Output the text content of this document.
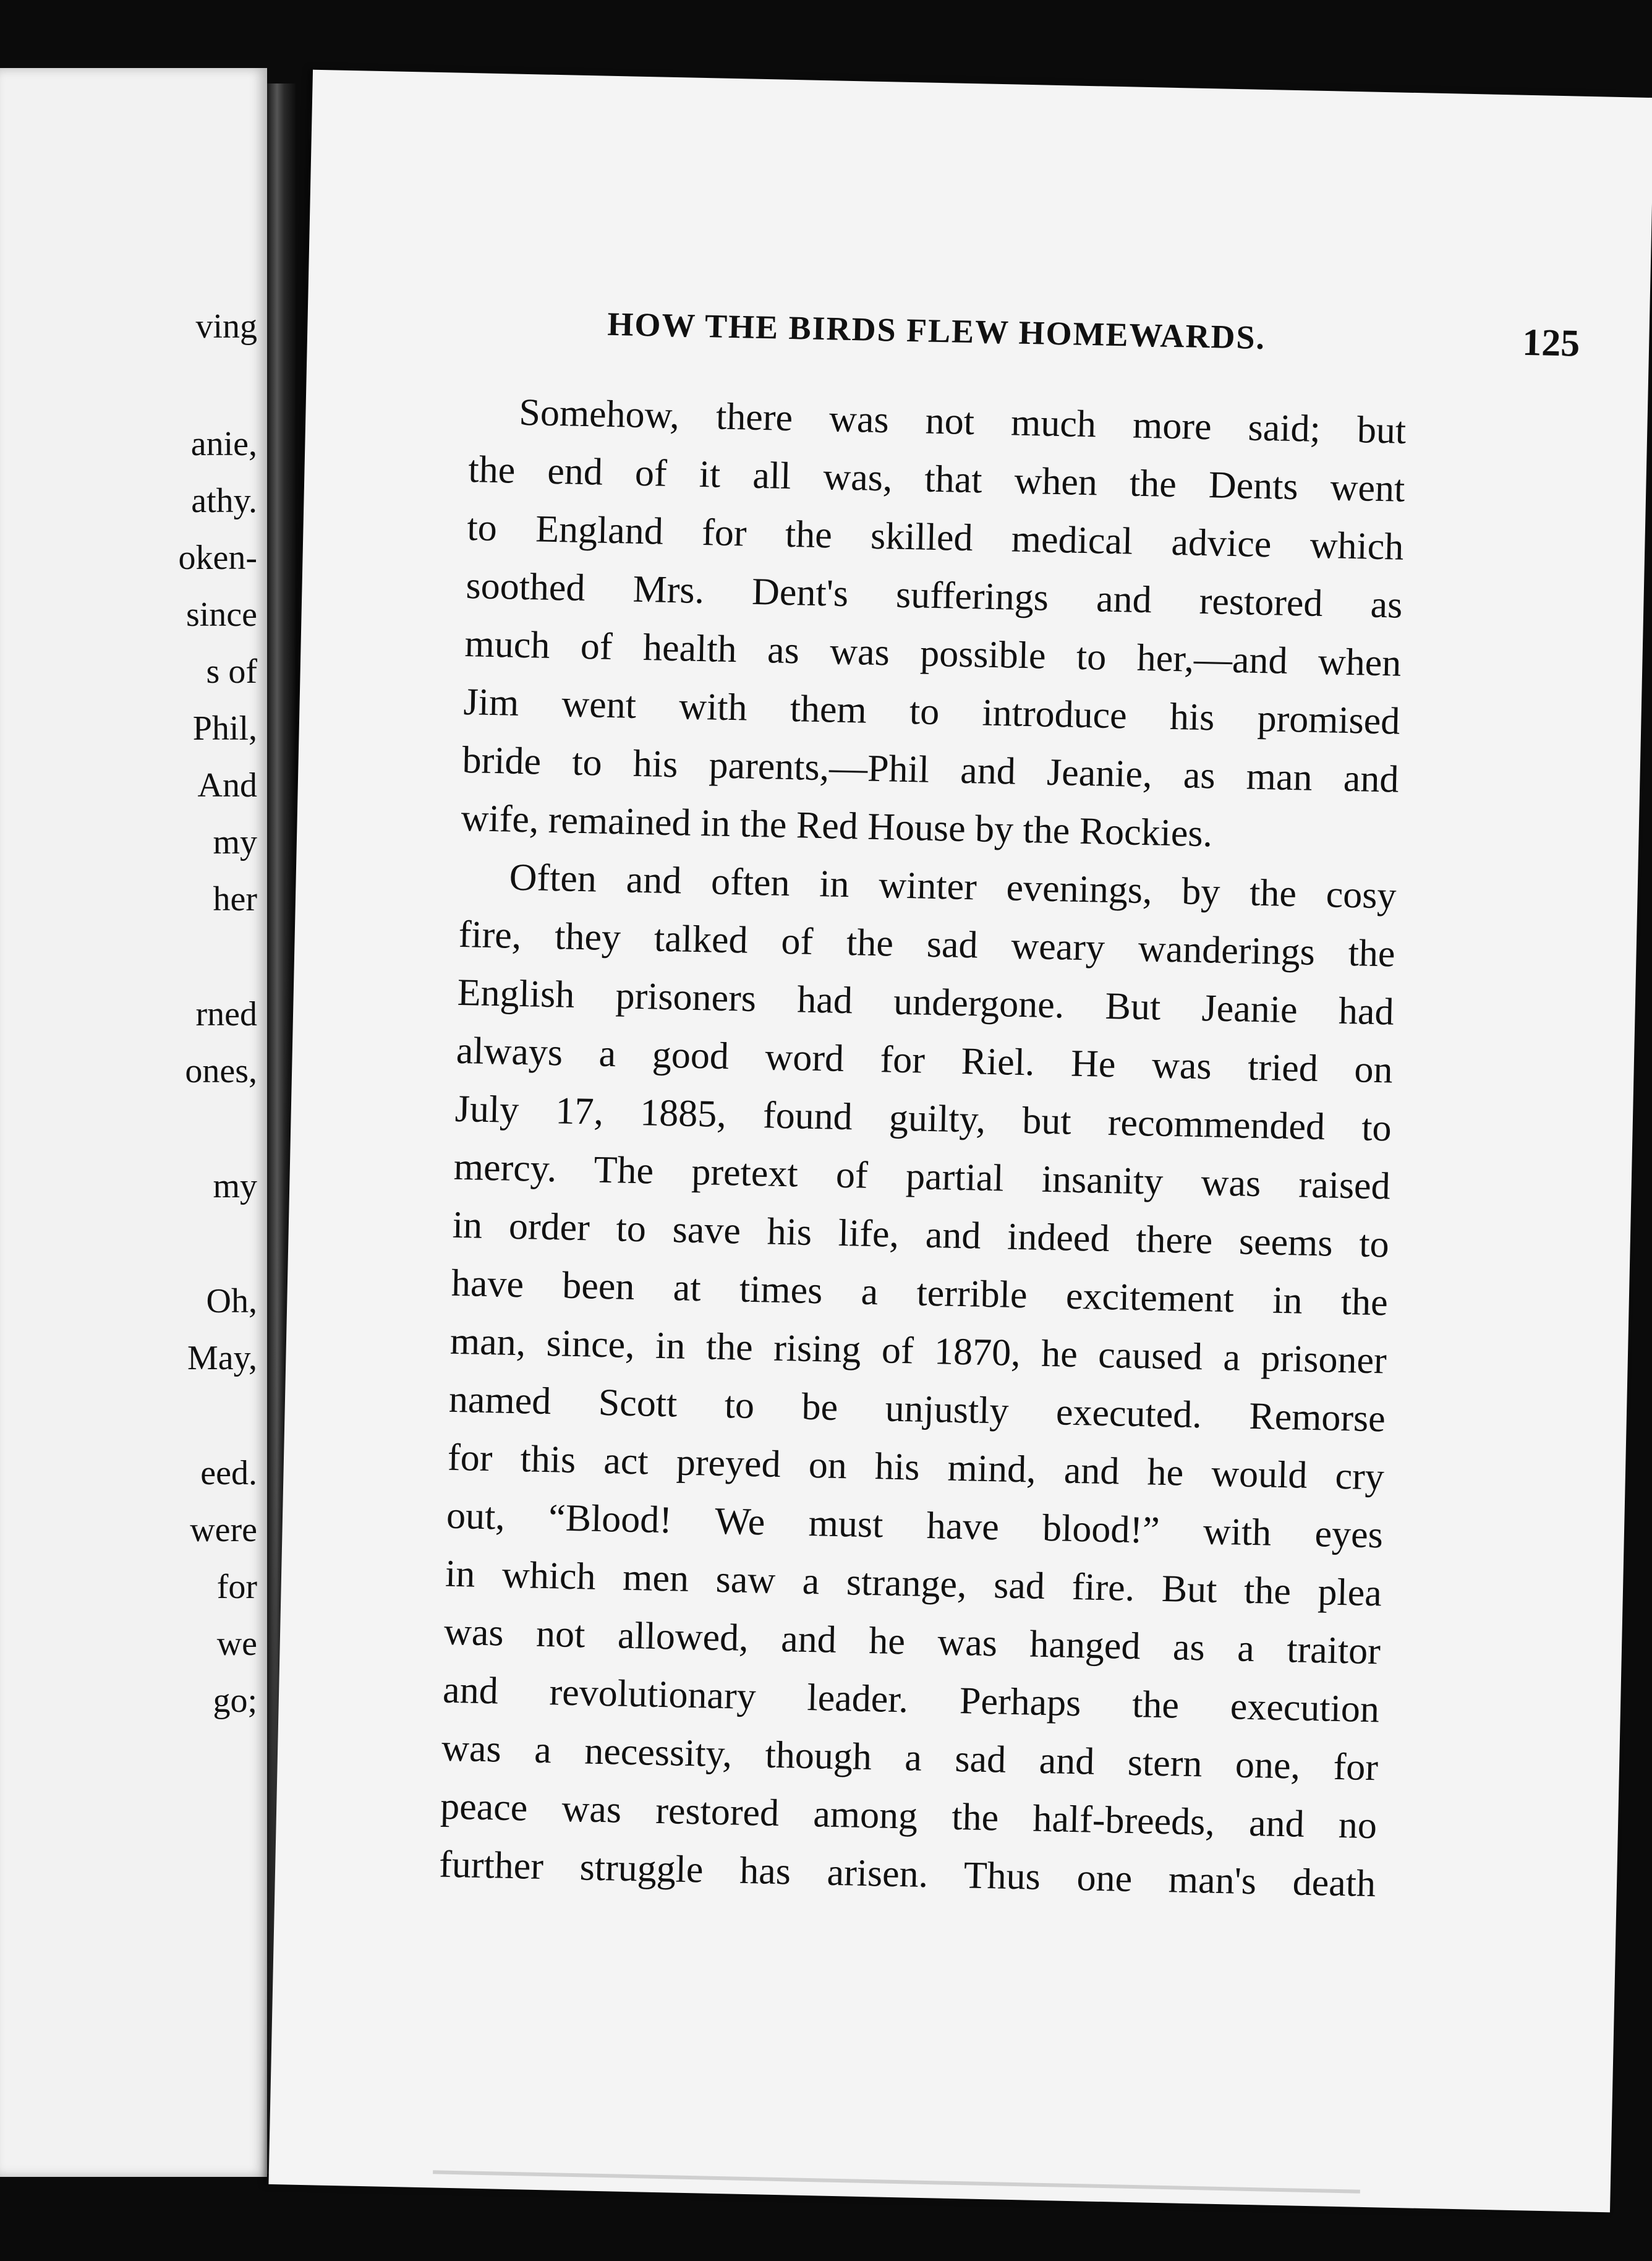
ving
anie,
athy.
oken-
since
s of
Phil,
And
my
her
rned
ones,
my
Oh,
May,
eed.
were
for
we
go;
HOW THE BIRDS FLEW HOMEWARDS.	125
Somehow, there was not much more said; but
the end of it all was, that when the Dents went
to England for the skilled medical advice which
soothed Mrs. Dent's sufferings and restored as
much of health as was possible to her,—and when
Jim went with them to introduce his promised
bride to his parents,—Phil and Jeanie, as man and
wife, remained in the Red House by the Rockies.
Often and often in winter evenings, by the cosy
fire, they talked of the sad weary wanderings the
English prisoners had undergone. But Jeanie had
always a good word for Riel. He was tried on
July 17, 1885, found guilty, but recommended to
mercy. The pretext of partial insanity was raised
in order to save his life, and indeed there seems to
have been at times a terrible excitement in the
man, since, in the rising of 1870, he caused a prisoner
named Scott to be unjustly executed. Remorse
for this act preyed on his mind, and he would cry
out, “Blood! We must have blood!” with eyes
in which men saw a strange, sad fire. But the plea
was not allowed, and he was hanged as a traitor
and revolutionary leader. Perhaps the execution
was a necessity, though a sad and stern one, for
peace was restored among the half-breeds, and no
further struggle has arisen. Thus one man's death
